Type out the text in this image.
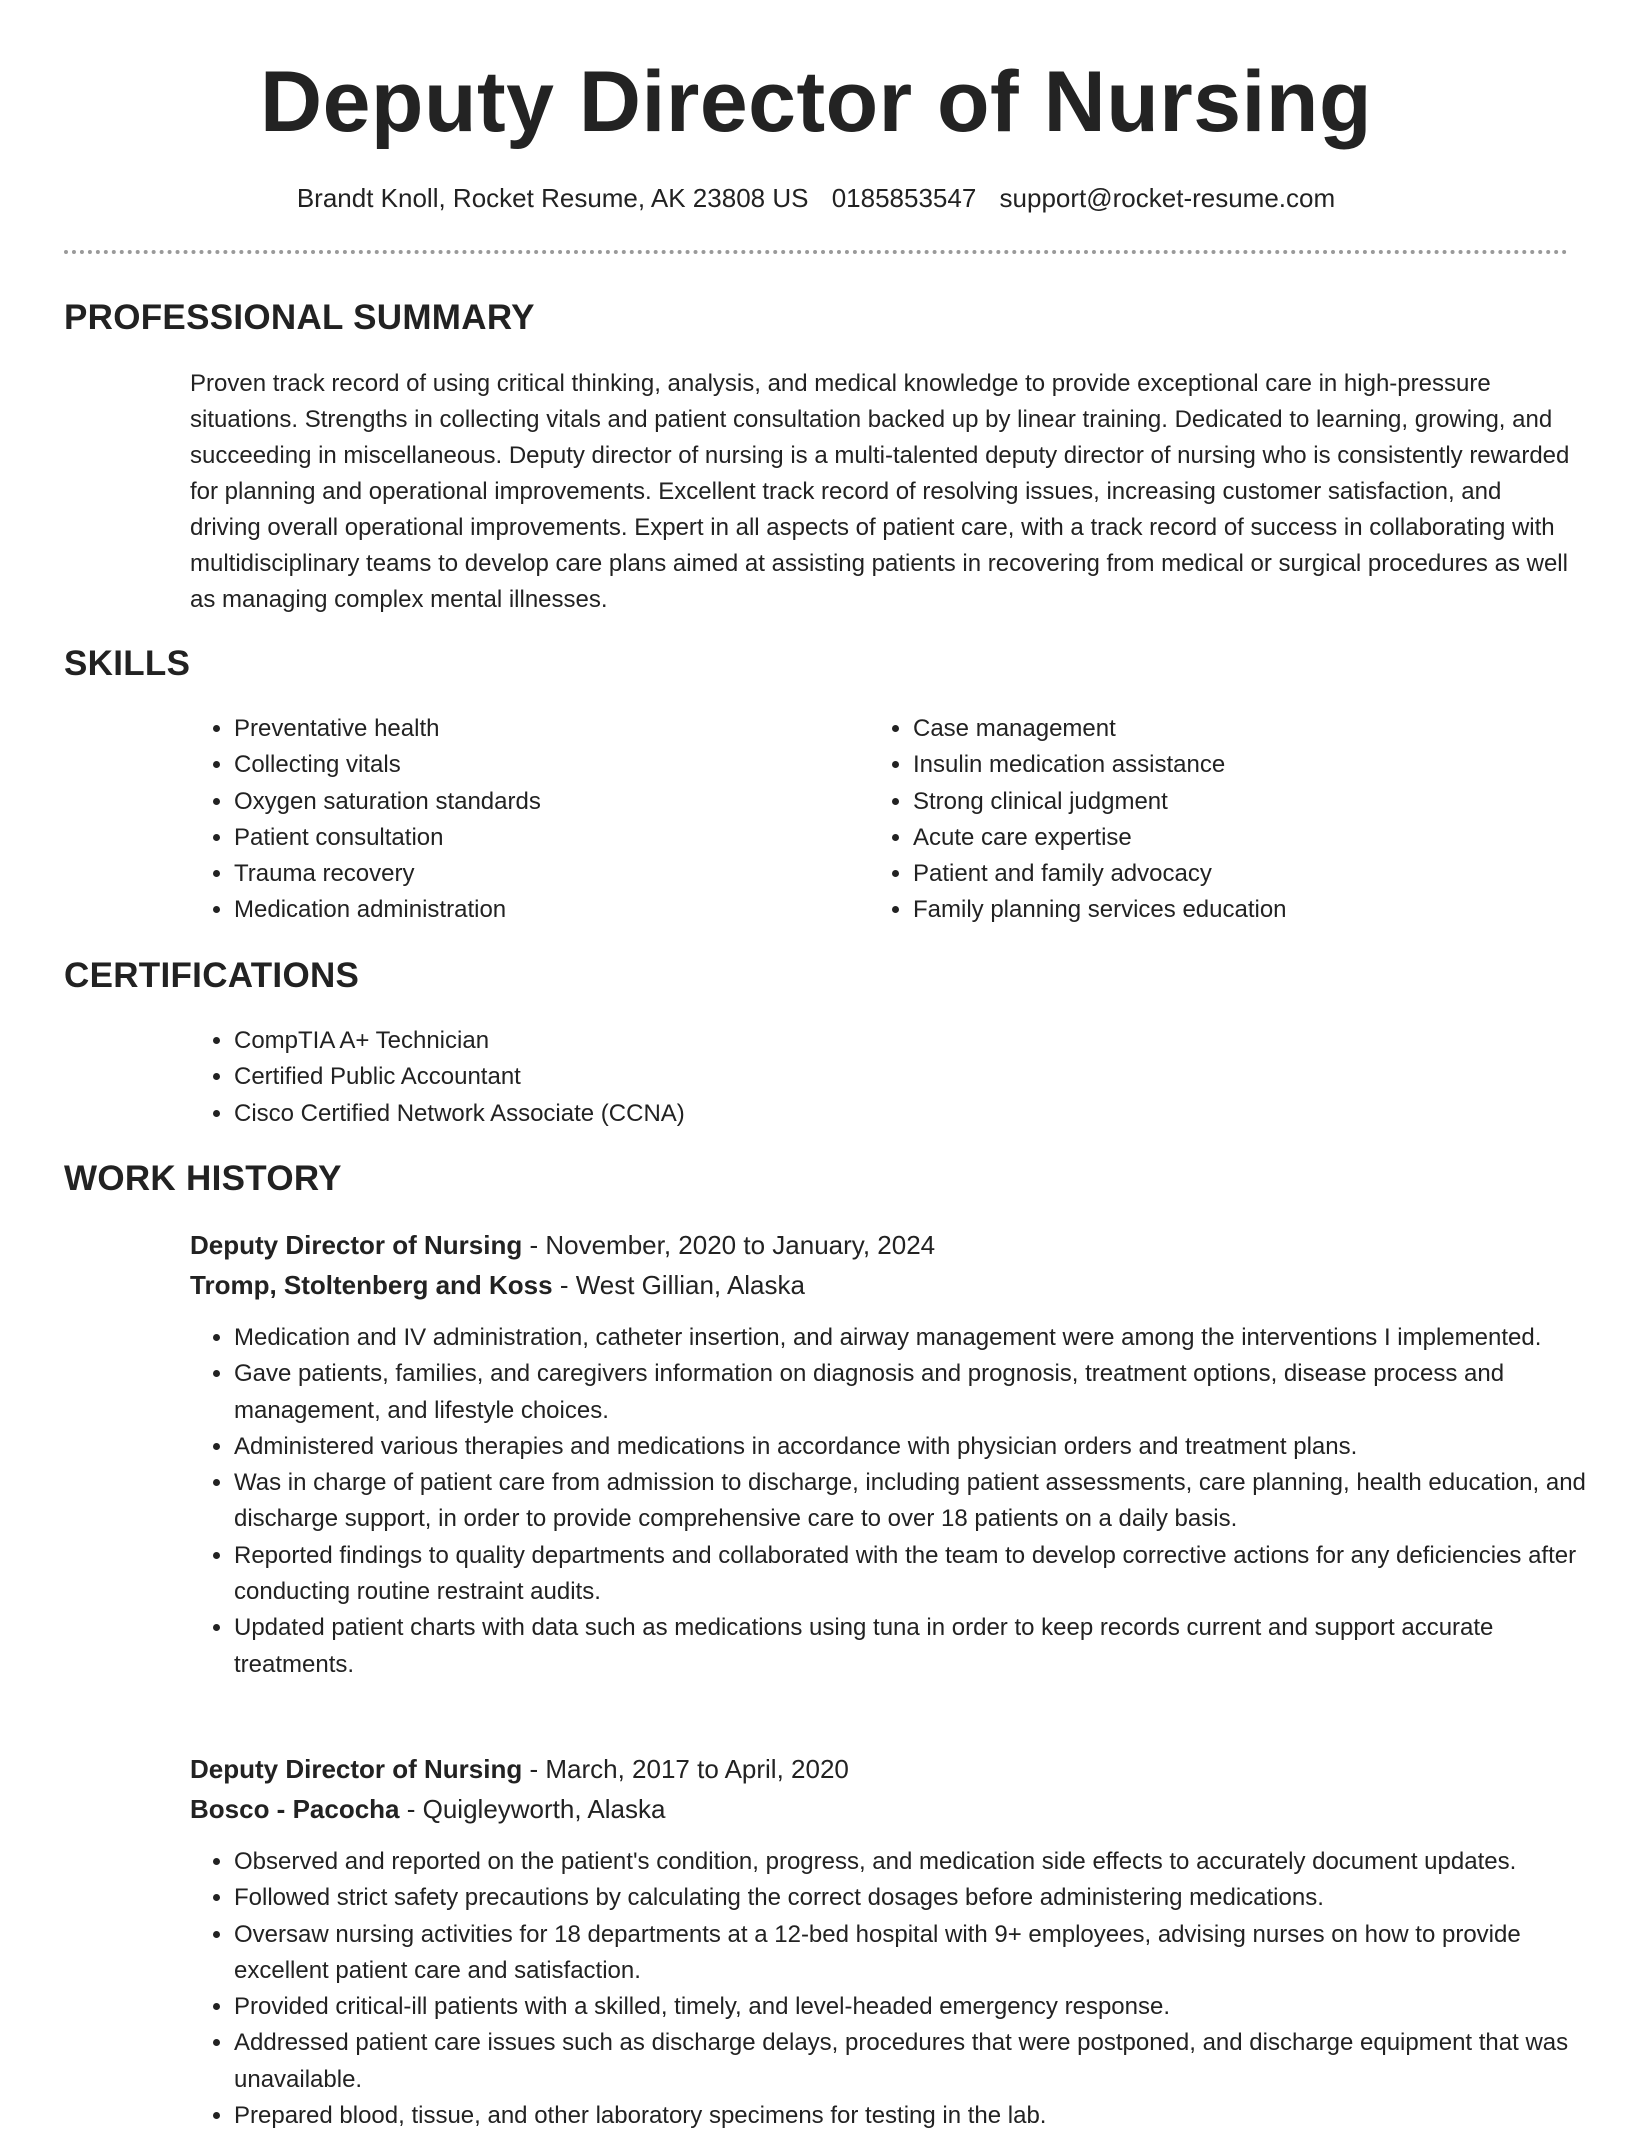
Deputy Director of Nursing
Brandt Knoll, Rocket Resume, AK 23808 US 0185853547 support@rocket-resume.com
PROFESSIONAL SUMMARY
Proven track record of using critical thinking, analysis, and medical knowledge to provide exceptional care in high-pressure situations. Strengths in collecting vitals and patient consultation backed up by linear training. Dedicated to learning, growing, and succeeding in miscellaneous. Deputy director of nursing is a multi-talented deputy director of nursing who is consistently rewarded for planning and operational improvements. Excellent track record of resolving issues, increasing customer satisfaction, and driving overall operational improvements. Expert in all aspects of patient care, with a track record of success in collaborating with multidisciplinary teams to develop care plans aimed at assisting patients in recovering from medical or surgical procedures as well as managing complex mental illnesses.
SKILLS
• Preventative health
• Collecting vitals
• Oxygen saturation standards
• Patient consultation
• Trauma recovery
• Medication administration
• Case management
• Insulin medication assistance
• Strong clinical judgment
• Acute care expertise
• Patient and family advocacy
• Family planning services education
CERTIFICATIONS
• CompTIA A+ Technician
• Certified Public Accountant
• Cisco Certified Network Associate (CCNA)
WORK HISTORY
Deputy Director of Nursing - November, 2020 to January, 2024
Tromp, Stoltenberg and Koss - West Gillian, Alaska
• Medication and IV administration, catheter insertion, and airway management were among the interventions I implemented.
• Gave patients, families, and caregivers information on diagnosis and prognosis, treatment options, disease process and management, and lifestyle choices.
• Administered various therapies and medications in accordance with physician orders and treatment plans.
• Was in charge of patient care from admission to discharge, including patient assessments, care planning, health education, and discharge support, in order to provide comprehensive care to over 18 patients on a daily basis.
• Reported findings to quality departments and collaborated with the team to develop corrective actions for any deficiencies after conducting routine restraint audits.
• Updated patient charts with data such as medications using tuna in order to keep records current and support accurate treatments.
Deputy Director of Nursing - March, 2017 to April, 2020
Bosco - Pacocha - Quigleyworth, Alaska
• Observed and reported on the patient's condition, progress, and medication side effects to accurately document updates.
• Followed strict safety precautions by calculating the correct dosages before administering medications.
• Oversaw nursing activities for 18 departments at a 12-bed hospital with 9+ employees, advising nurses on how to provide excellent patient care and satisfaction.
• Provided critical-ill patients with a skilled, timely, and level-headed emergency response.
• Addressed patient care issues such as discharge delays, procedures that were postponed, and discharge equipment that was unavailable.
• Prepared blood, tissue, and other laboratory specimens for testing in the lab.
